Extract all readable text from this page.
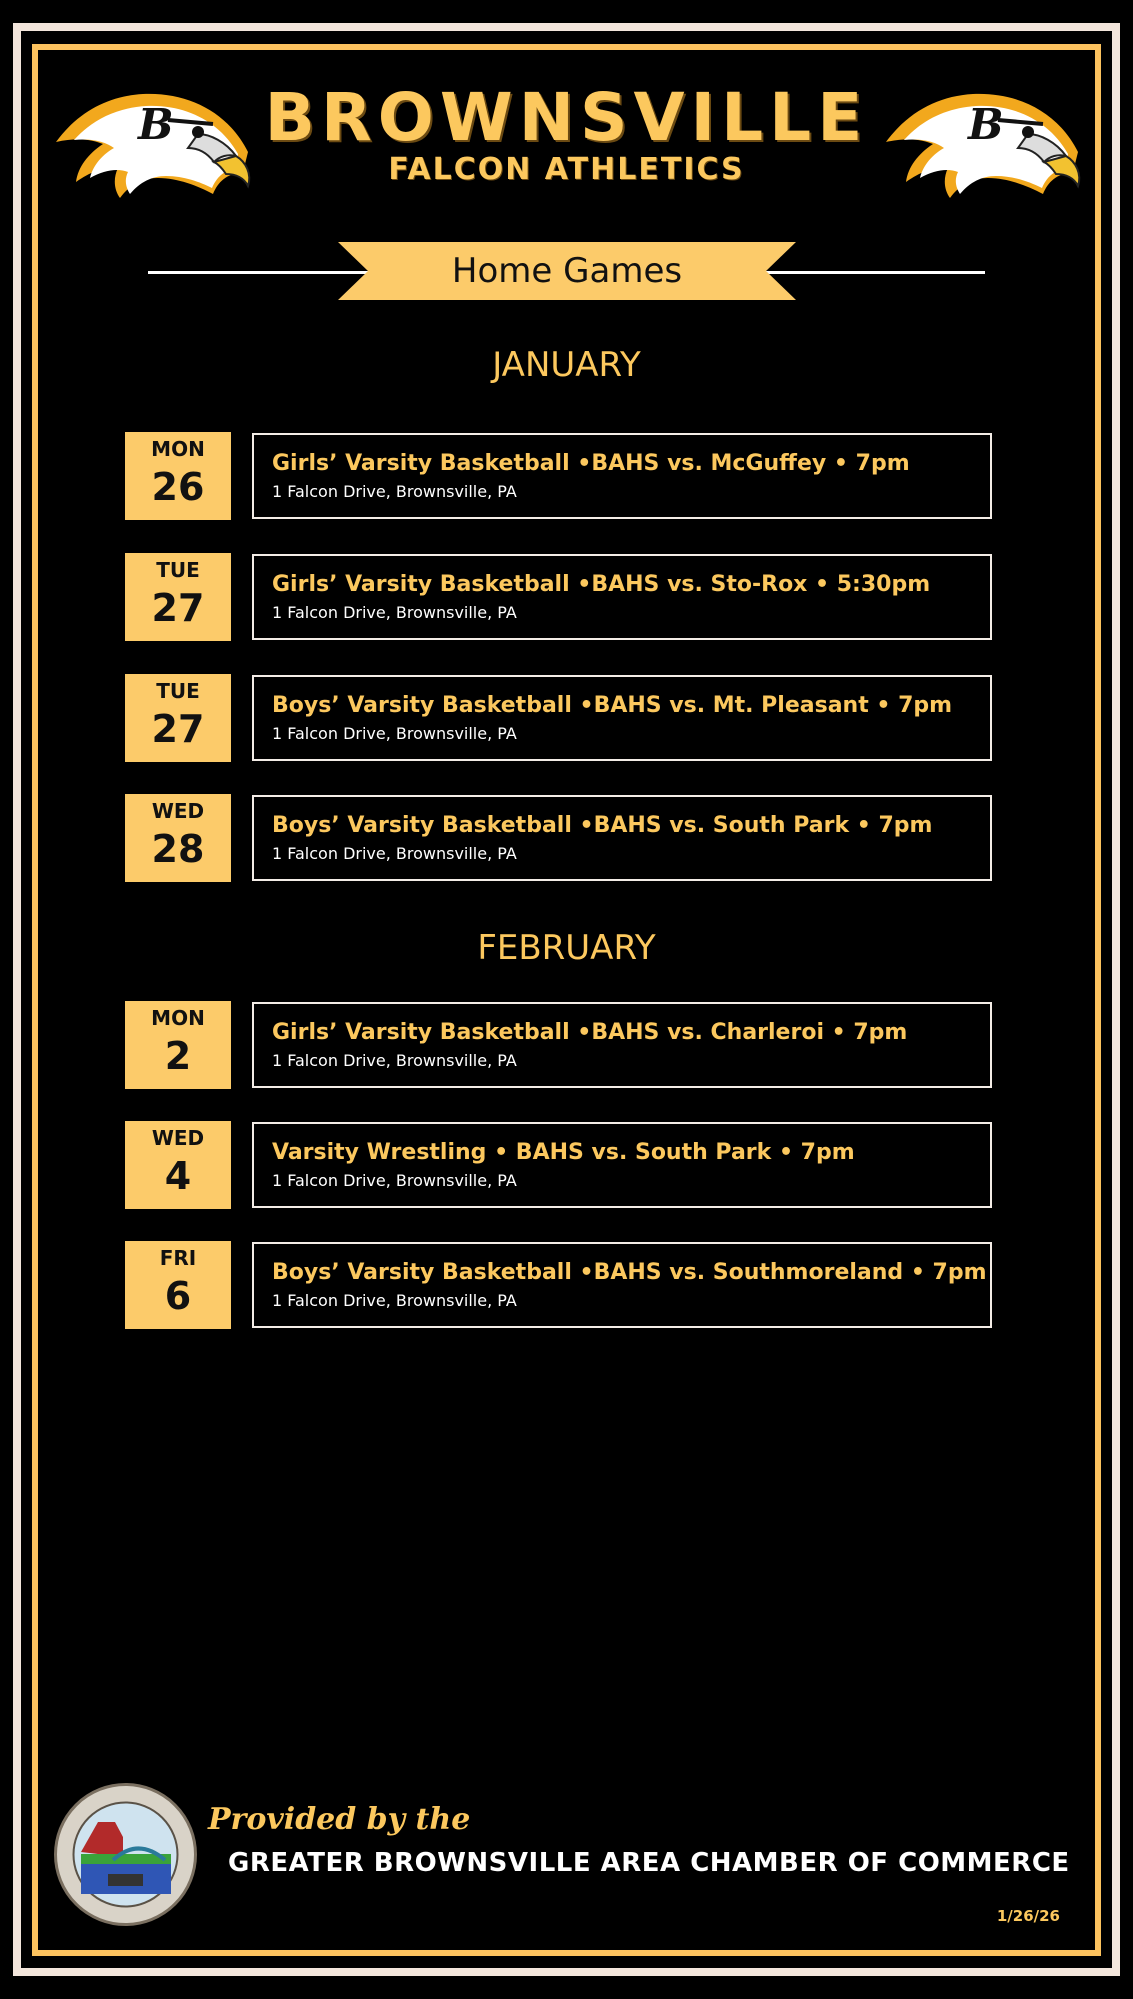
B	B
BROWNSVILLE
FALCON ATHLETICS
Home Games
JANUARY
MON
26
Girls’ Varsity Basketball •BAHS vs. McGuffey • 7pm
1 Falcon Drive, Brownsville, PA
TUE
27
Girls’ Varsity Basketball •BAHS vs. Sto-Rox • 5:30pm
1 Falcon Drive, Brownsville, PA
TUE
27
Boys’ Varsity Basketball •BAHS vs. Mt. Pleasant • 7pm
1 Falcon Drive, Brownsville, PA
WED
28
Boys’ Varsity Basketball •BAHS vs. South Park • 7pm
1 Falcon Drive, Brownsville, PA
FEBRUARY
MON
2
Girls’ Varsity Basketball •BAHS vs. Charleroi • 7pm
1 Falcon Drive, Brownsville, PA
WED
4
Varsity Wrestling • BAHS vs. South Park • 7pm
1 Falcon Drive, Brownsville, PA
FRI
6
Boys’ Varsity Basketball •BAHS vs. Southmoreland • 7pm
1 Falcon Drive, Brownsville, PA
Provided by the
GREATER BROWNSVILLE AREA CHAMBER OF COMMERCE
1/26/26
